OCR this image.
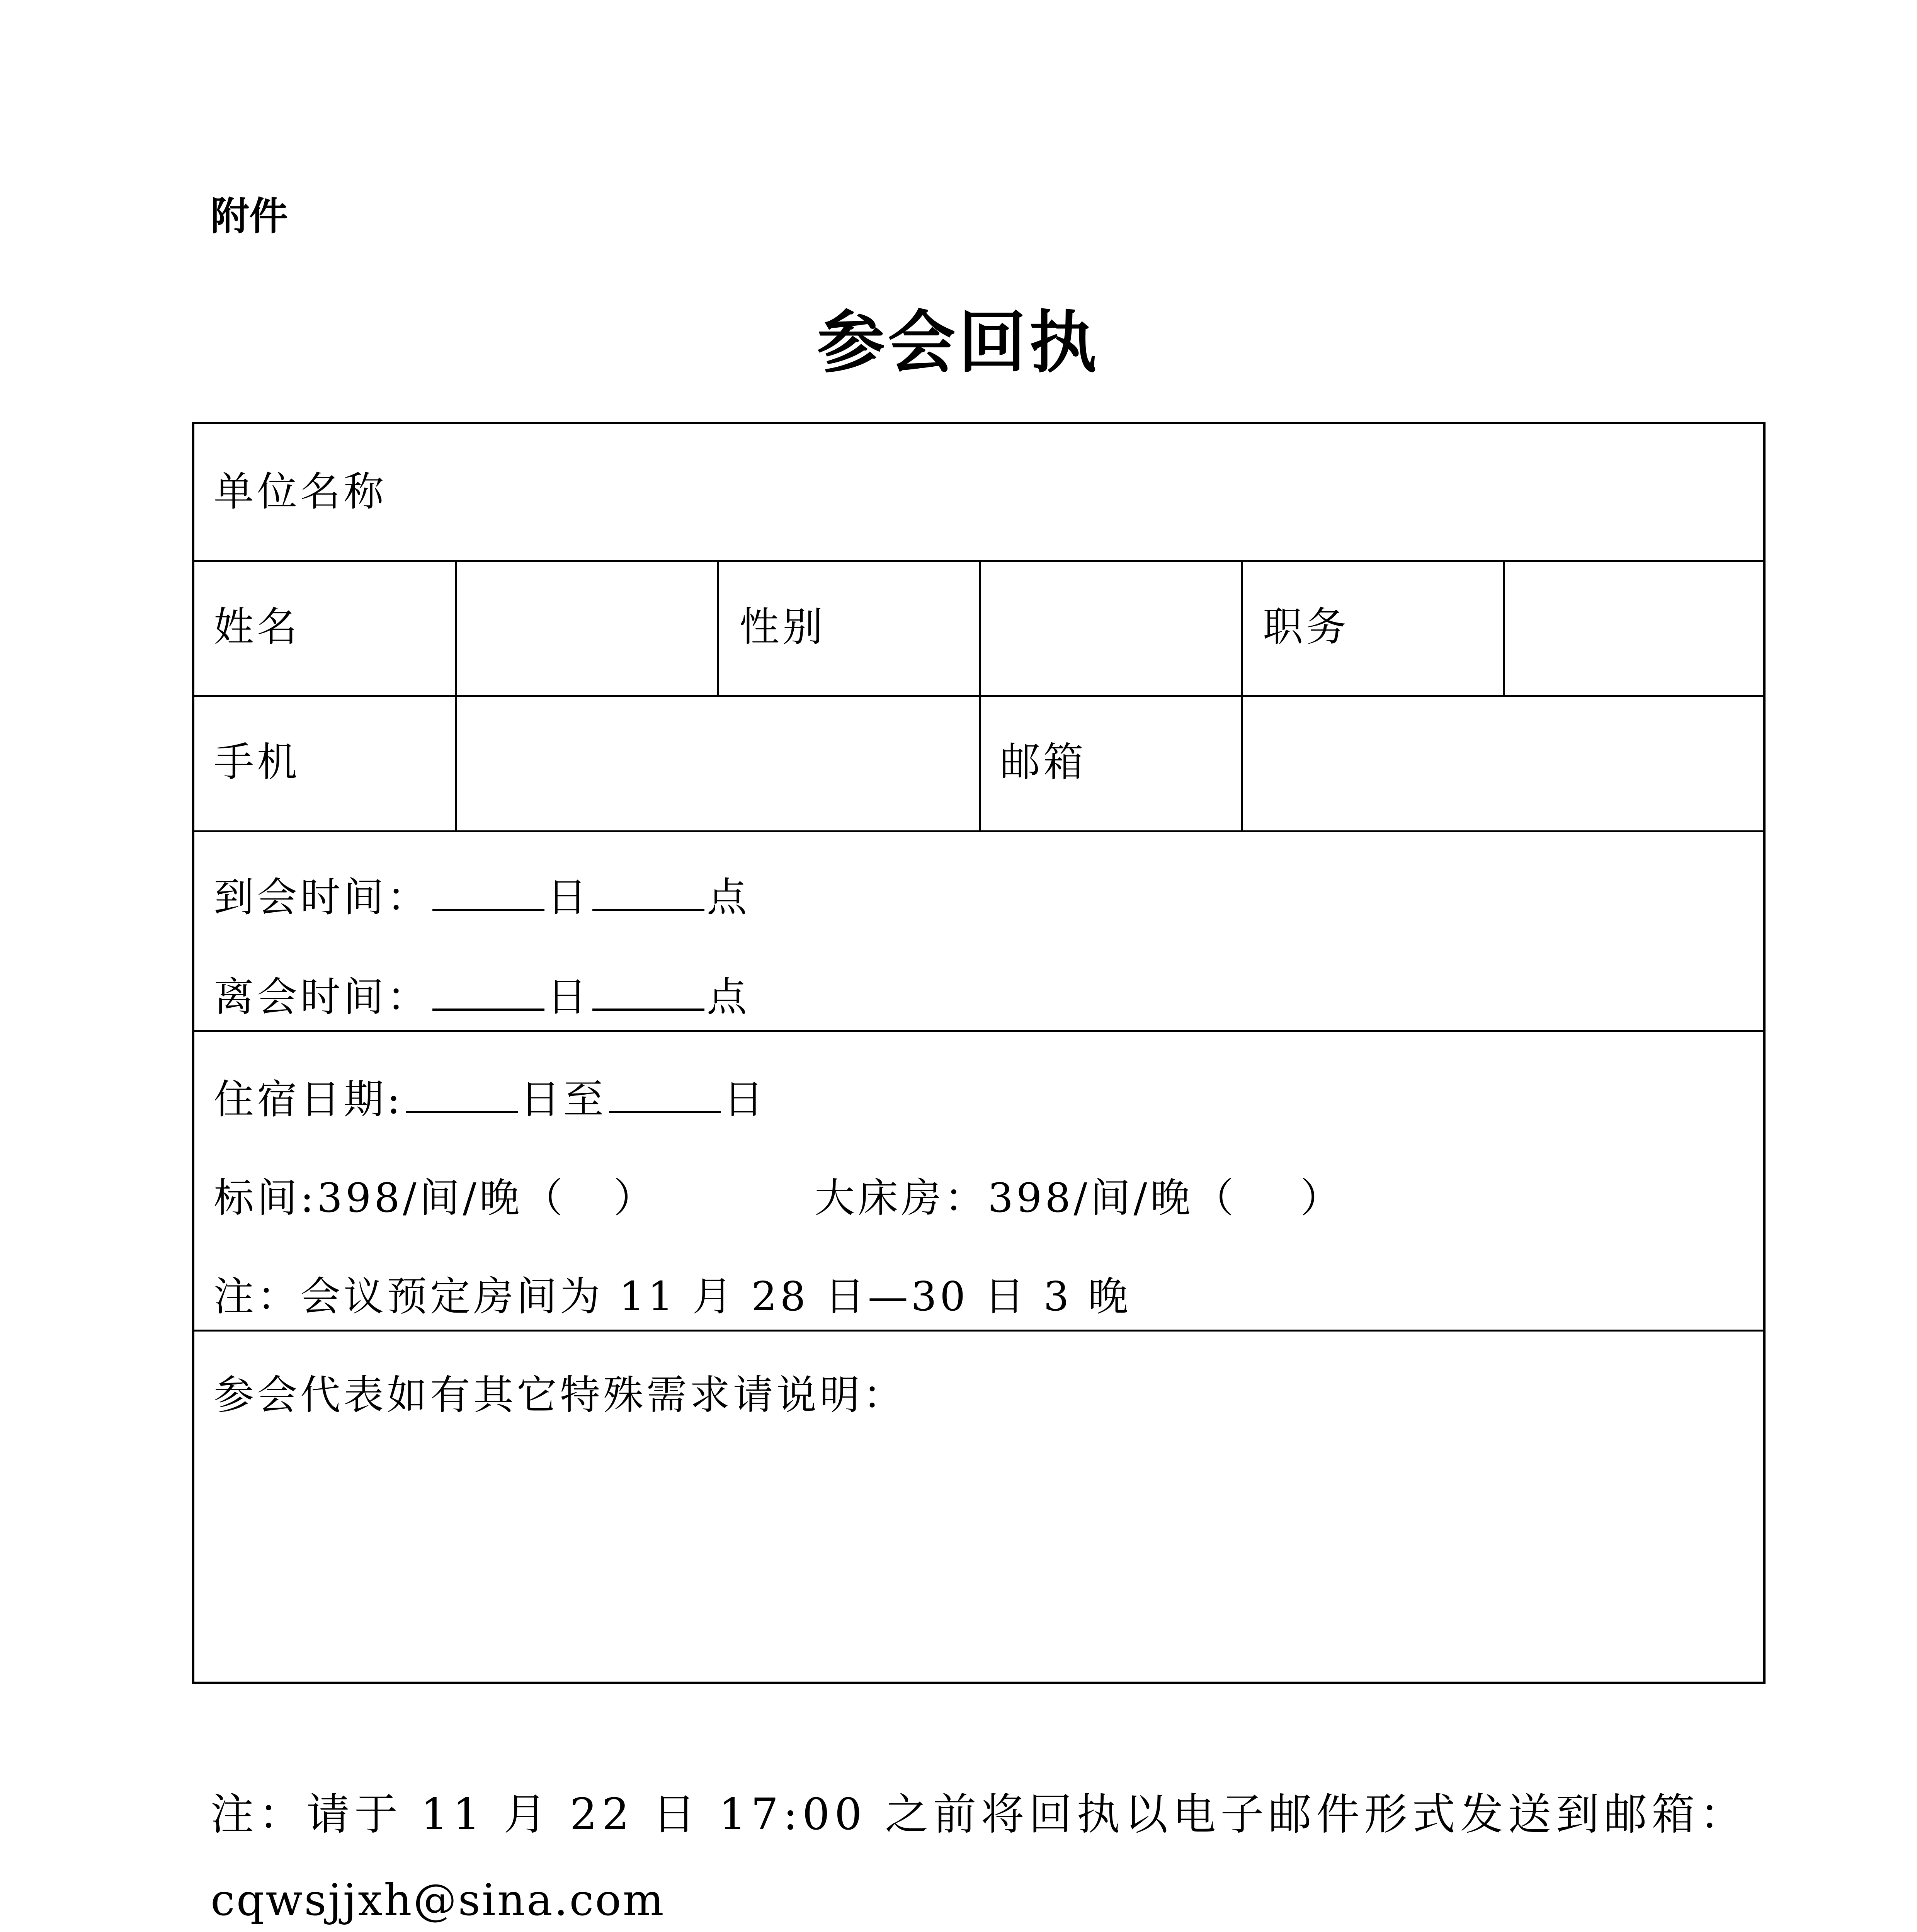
附件
参会回执
单位名称
姓名	性别	职务
手机	邮箱
到会时间：	日	点
离会时间：	日	点
住宿日期:	日至	日
标间:398/间/晚（   ）	大床房：398/间/晚（    ）
注：会议预定房间为 11 月 28 日—30 日 3 晚
参会代表如有其它特殊需求请说明：
注：请于 11 月 22 日 17:00 之前将回执以电子邮件形式发送到邮箱：
cqwsjjxh@sina.com
